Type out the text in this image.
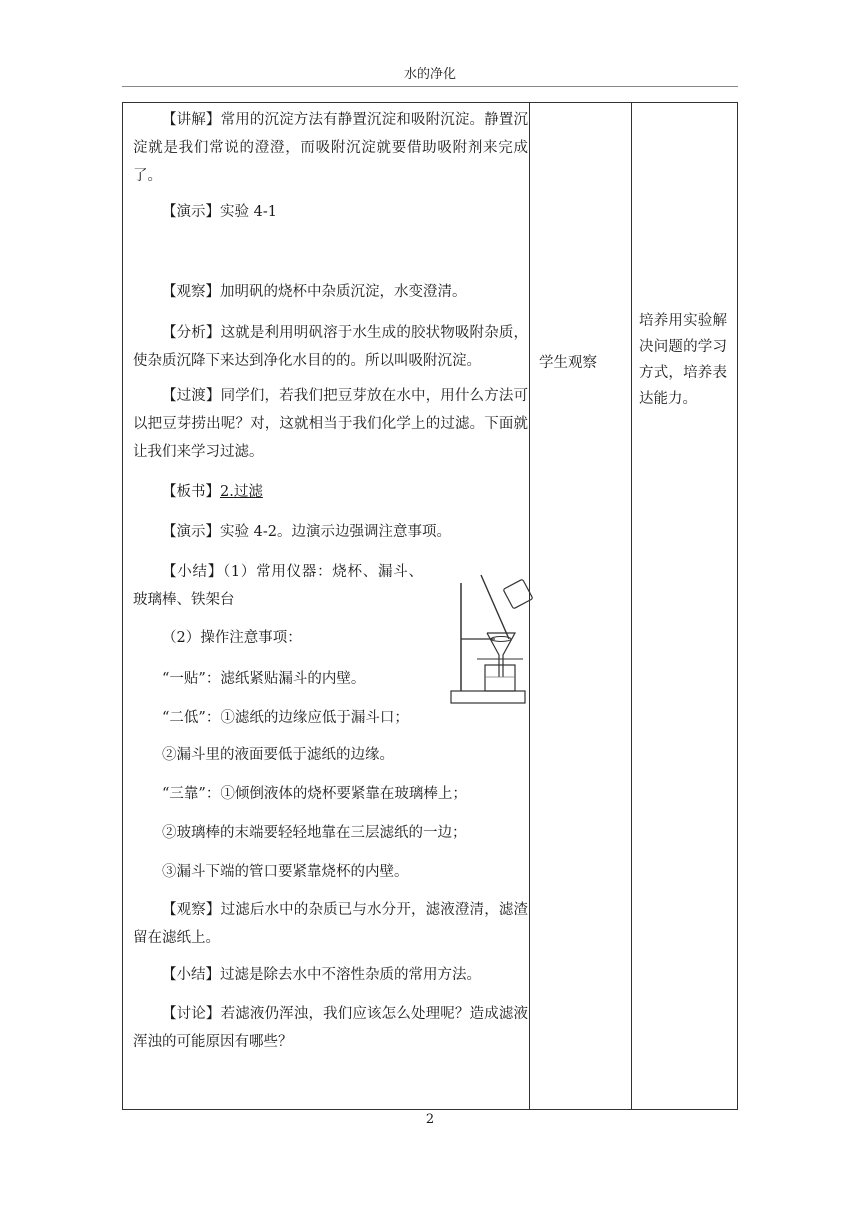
水的净化

【讲解】常用的沉淀方法有静置沉淀和吸附沉淀。静置沉淀就是我们常说的澄澄，而吸附沉淀就要借助吸附剂来完成了。

【演示】实验 4-1

【观察】加明矾的烧杯中杂质沉淀，水变澄清。

【分析】这就是利用明矾溶于水生成的胶状物吸附杂质，使杂质沉降下来达到净化水目的的。所以叫吸附沉淀。

【过渡】同学们，若我们把豆芽放在水中，用什么方法可以把豆芽捞出呢？对，这就相当于我们化学上的过滤。下面就让我们来学习过滤。

【板书】2.过滤

【演示】实验 4-2。边演示边强调注意事项。

【小结】（1）常用仪器：烧杯、漏斗、玻璃棒、铁架台

（2）操作注意事项：

“一贴”：滤纸紧贴漏斗的内壁。

“二低”：①滤纸的边缘应低于漏斗口；

②漏斗里的液面要低于滤纸的边缘。

“三靠”：①倾倒液体的烧杯要紧靠在玻璃棒上；

②玻璃棒的末端要轻轻地靠在三层滤纸的一边；

③漏斗下端的管口要紧靠烧杯的内壁。

【观察】过滤后水中的杂质已与水分开，滤液澄清，滤渣留在滤纸上。

【小结】过滤是除去水中不溶性杂质的常用方法。

【讨论】若滤液仍浑浊，我们应该怎么处理呢？造成滤液浑浊的可能原因有哪些？

学生观察
培养用实验解决问题的学习方式，培养表达能力。
2
